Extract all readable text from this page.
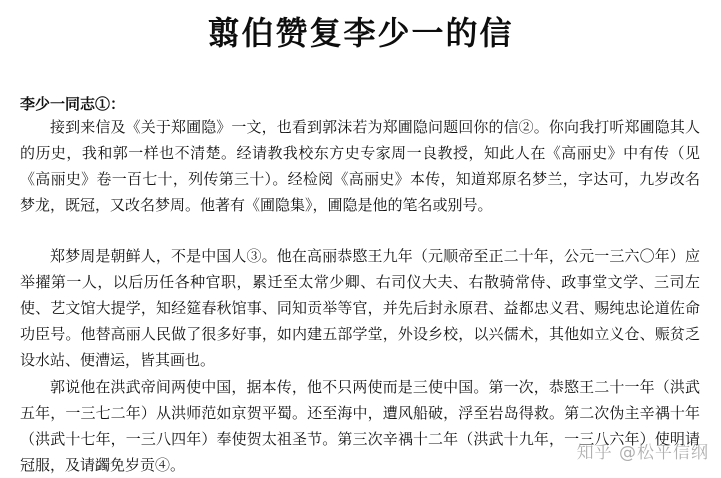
翦伯赞复李少一的信
李少一同志①：

接到来信及《关于郑圃隐》一文，也看到郭沫若为郑圃隐问题回你的信②。你向我打听郑圃隐其人的历史，我和郭一样也不清楚。经请教我校东方史专家周一良教授，知此人在《高丽史》中有传（见《高丽史》卷一百七十，列传第三十）。经检阅《高丽史》本传，知道郑原名梦兰，字达可，九岁改名梦龙，既冠，又改名梦周。他著有《圃隐集》，圃隐是他的笔名或别号。

郑梦周是朝鲜人，不是中国人③。他在高丽恭愍王九年（元顺帝至正二十年，公元一三六〇年）应举擢第一人，以后历任各种官职，累迁至太常少卿、右司仪大夫、右散骑常侍、政事堂文学、三司左使、艺文馆大提学，知经筵春秋馆事、同知贡举等官，并先后封永原君、益都忠义君、赐纯忠论道佐命功臣号。他替高丽人民做了很多好事，如内建五部学堂，外设乡校，以兴儒术，其他如立义仓、赈贫乏　设水站、便漕运，皆其画也。

郭说他在洪武帝间两使中国，据本传，他不只两使而是三使中国。第一次，恭愍王二十一年（洪武五年，一三七二年）从洪师范如京贺平蜀。还至海中，遭风船破，浮至岩岛得救。第二次伪主辛禑十年（洪武十七年，一三八四年）奉使贺太祖圣节。第三次辛禑十二年（洪武十九年，一三八六年）使明请冠服，及请蠲免岁贡④。

知乎 @松平信纲
